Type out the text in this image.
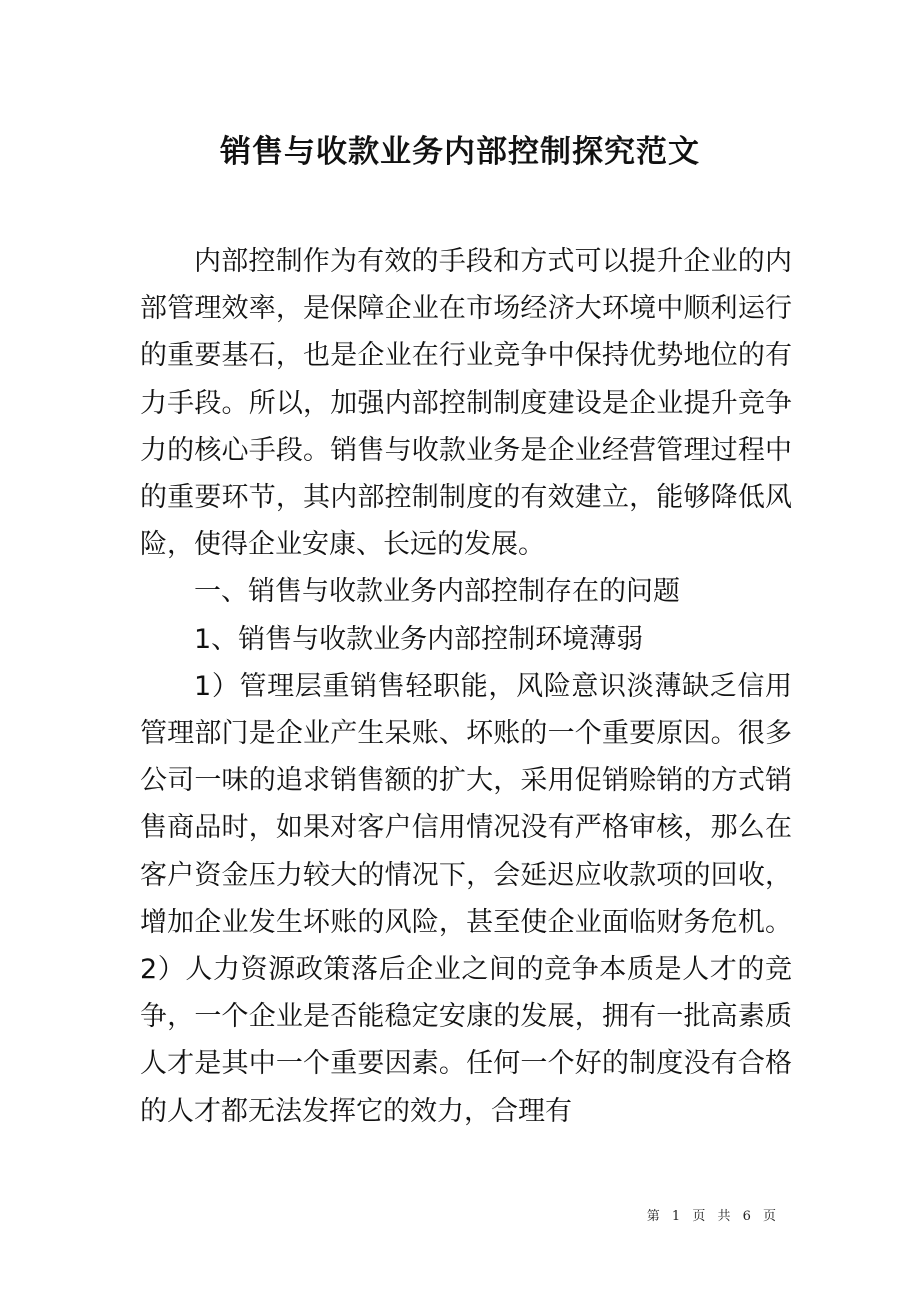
销售与收款业务内部控制探究范文

内部控制作为有效的手段和方式可以提升企业的内部管理效率，是保障企业在市场经济大环境中顺利运行的重要基石，也是企业在行业竞争中保持优势地位的有力手段。所以，加强内部控制制度建设是企业提升竞争力的核心手段。销售与收款业务是企业经营管理过程中的重要环节，其内部控制制度的有效建立，能够降低风险，使得企业安康、长远的发展。

一、销售与收款业务内部控制存在的问题

1、销售与收款业务内部控制环境薄弱

1）管理层重销售轻职能，风险意识淡薄缺乏信用管理部门是企业产生呆账、坏账的一个重要原因。很多公司一味的追求销售额的扩大，采用促销赊销的方式销售商品时，如果对客户信用情况没有严格审核，那么在客户资金压力较大的情况下，会延迟应收款项的回收，增加企业发生坏账的风险，甚至使企业面临财务危机。2）人力资源政策落后企业之间的竞争本质是人才的竞争，一个企业是否能稳定安康的发展，拥有一批高素质人才是其中一个重要因素。任何一个好的制度没有合格的人才都无法发挥它的效力，合理有

第 1 页 共 6 页
